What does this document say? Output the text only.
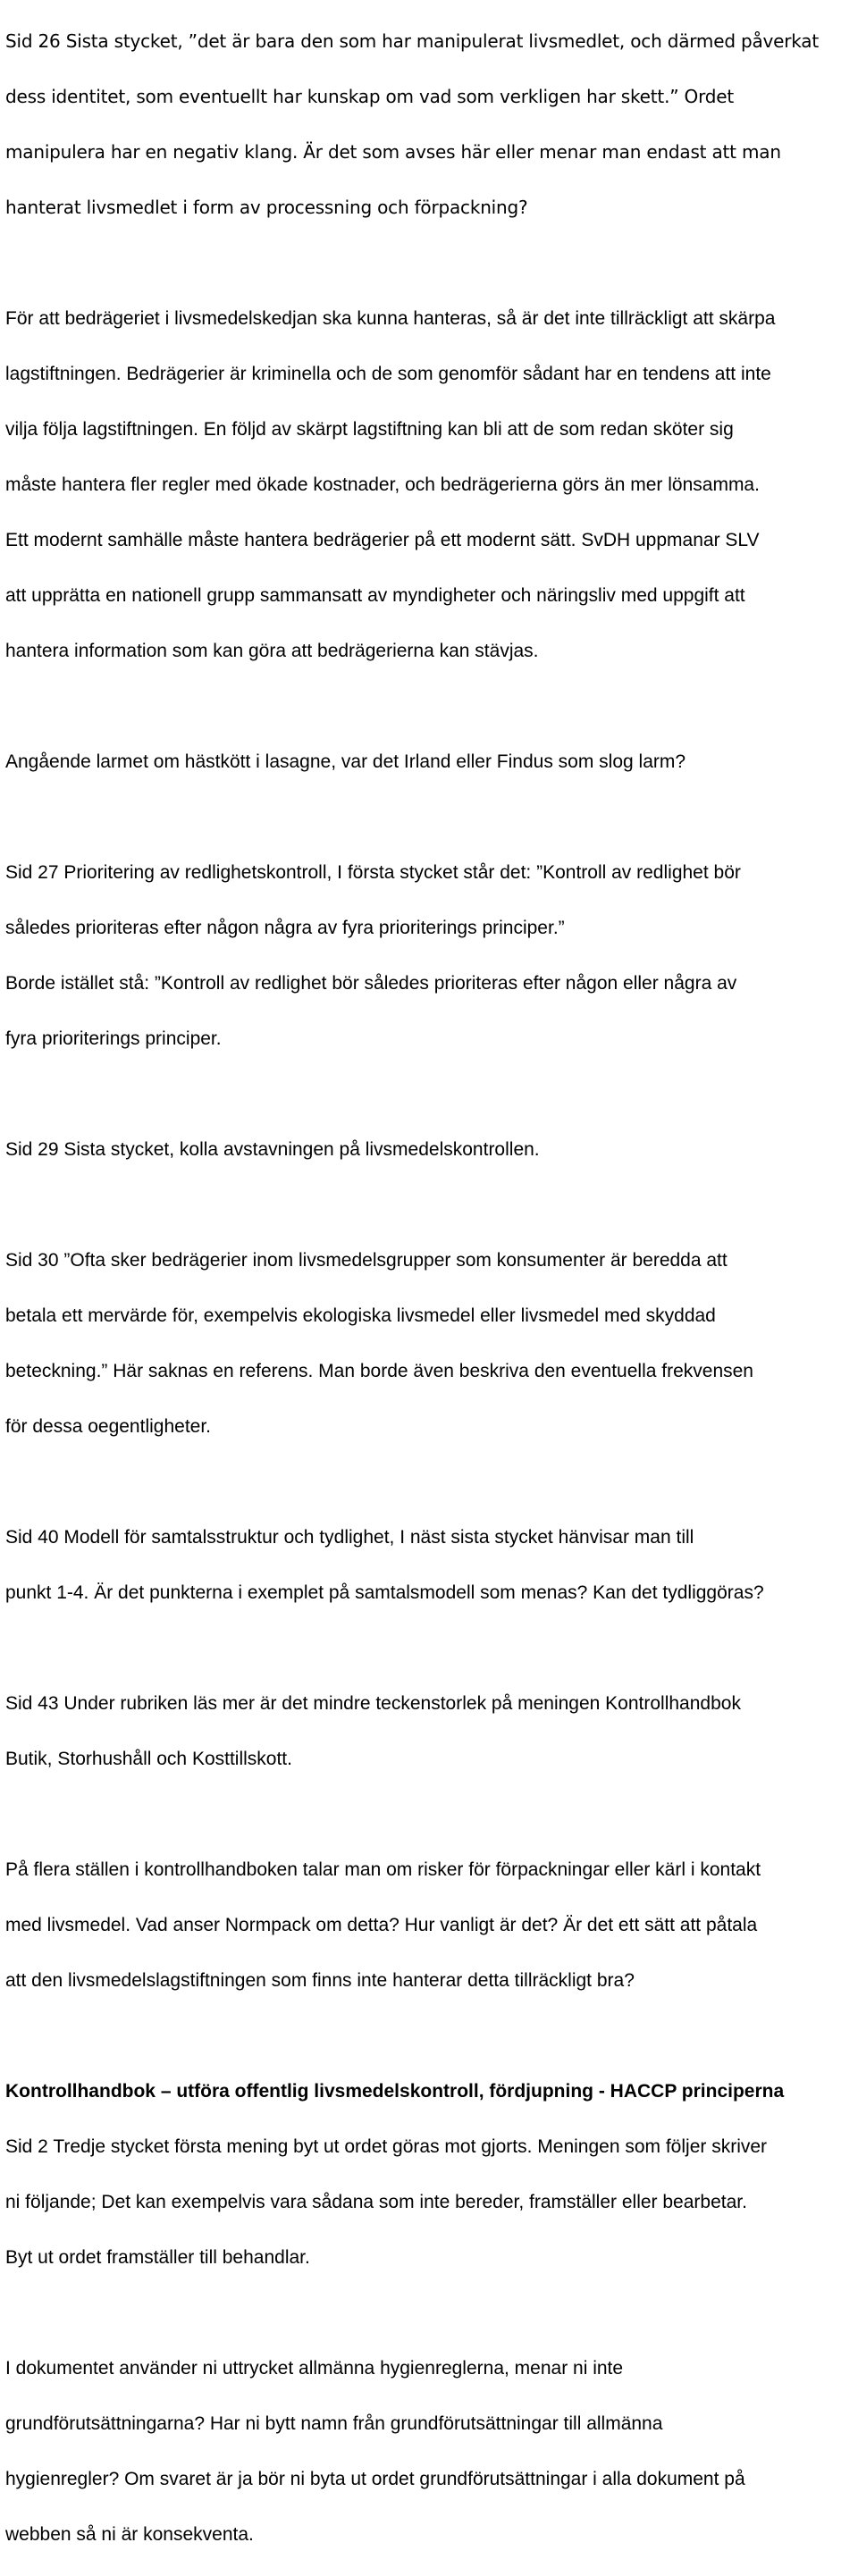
Sid 26 Sista stycket, ”det är bara den som har manipulerat livsmedlet, och därmed påverkat

dess identitet, som eventuellt har kunskap om vad som verkligen har skett.” Ordet

manipulera har en negativ klang. Är det som avses här eller menar man endast att man

hanterat livsmedlet i form av processning och förpackning?

För att bedrägeriet i livsmedelskedjan ska kunna hanteras, så är det inte tillräckligt att skärpa

lagstiftningen. Bedrägerier är kriminella och de som genomför sådant har en tendens att inte

vilja följa lagstiftningen. En följd av skärpt lagstiftning kan bli att de som redan sköter sig

måste hantera fler regler med ökade kostnader, och bedrägerierna görs än mer lönsamma.

Ett modernt samhälle måste hantera bedrägerier på ett modernt sätt. SvDH uppmanar SLV

att upprätta en nationell grupp sammansatt av myndigheter och näringsliv med uppgift att

hantera information som kan göra att bedrägerierna kan stävjas.

Angående larmet om hästkött i lasagne, var det Irland eller Findus som slog larm?

Sid 27 Prioritering av redlighetskontroll, I första stycket står det: ”Kontroll av redlighet bör

således prioriteras efter någon några av fyra prioriterings principer.”

Borde istället stå: ”Kontroll av redlighet bör således prioriteras efter någon eller några av

fyra prioriterings principer.

Sid 29 Sista stycket, kolla avstavningen på livsmedelskontrollen.

Sid 30 ”Ofta sker bedrägerier inom livsmedelsgrupper som konsumenter är beredda att

betala ett mervärde för, exempelvis ekologiska livsmedel eller livsmedel med skyddad

beteckning.” Här saknas en referens. Man borde även beskriva den eventuella frekvensen

för dessa oegentligheter.

Sid 40 Modell för samtalsstruktur och tydlighet, I näst sista stycket hänvisar man till

punkt 1-4. Är det punkterna i exemplet på samtalsmodell som menas? Kan det tydliggöras?

Sid 43 Under rubriken läs mer är det mindre teckenstorlek på meningen Kontrollhandbok

Butik, Storhushåll och Kosttillskott.

På flera ställen i kontrollhandboken talar man om risker för förpackningar eller kärl i kontakt

med livsmedel. Vad anser Normpack om detta? Hur vanligt är det? Är det ett sätt att påtala

att den livsmedelslagstiftningen som finns inte hanterar detta tillräckligt bra?

Kontrollhandbok – utföra offentlig livsmedelskontroll, fördjupning - HACCP principerna

Sid 2 Tredje stycket första mening byt ut ordet göras mot gjorts. Meningen som följer skriver

ni följande; Det kan exempelvis vara sådana som inte bereder, framställer eller bearbetar.

Byt ut ordet framställer till behandlar.

I dokumentet använder ni uttrycket allmänna hygienreglerna, menar ni inte

grundförutsättningarna? Har ni bytt namn från grundförutsättningar till allmänna

hygienregler? Om svaret är ja bör ni byta ut ordet grundförutsättningar i alla dokument på

webben så ni är konsekventa.
